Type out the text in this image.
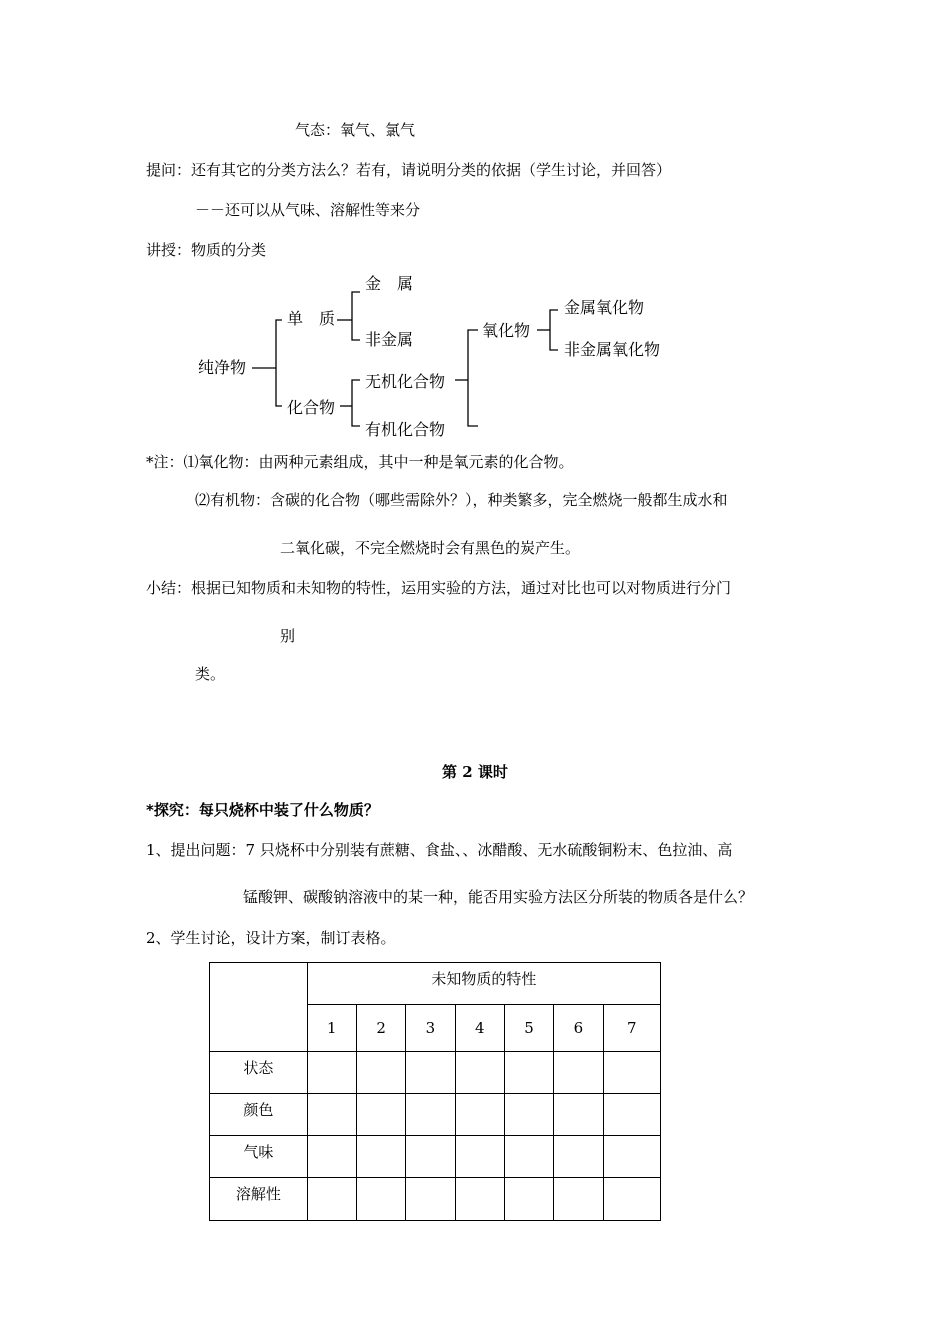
气态：氧气、氯气
提问：还有其它的分类方法么？若有，请说明分类的依据（学生讨论，并回答）
－－还可以从气味、溶解性等来分
讲授：物质的分类
纯净物
单　质
金　属
非金属
化合物
无机化合物
有机化合物
氧化物
金属氧化物
非金属氧化物
*注：⑴氧化物：由两种元素组成，其中一种是氧元素的化合物。
⑵有机物：含碳的化合物（哪些需除外？），种类繁多，完全燃烧一般都生成水和
二氧化碳，不完全燃烧时会有黑色的炭产生。
小结：根据已知物质和未知物的特性，运用实验的方法，通过对比也可以对物质进行分门
别
类。
第 2 课时
*探究：每只烧杯中装了什么物质？
1、提出问题：7 只烧杯中分别装有蔗糖、食盐、、冰醋酸、无水硫酸铜粉末、色拉油、高
锰酸钾、碳酸钠溶液中的某一种，能否用实验方法区分所装的物质各是什么？
2、学生讨论，设计方案，制订表格。
	未知物质的特性						
	1	2	3	4	5	6	7
状态							
颜色							
气味							
溶解性							
